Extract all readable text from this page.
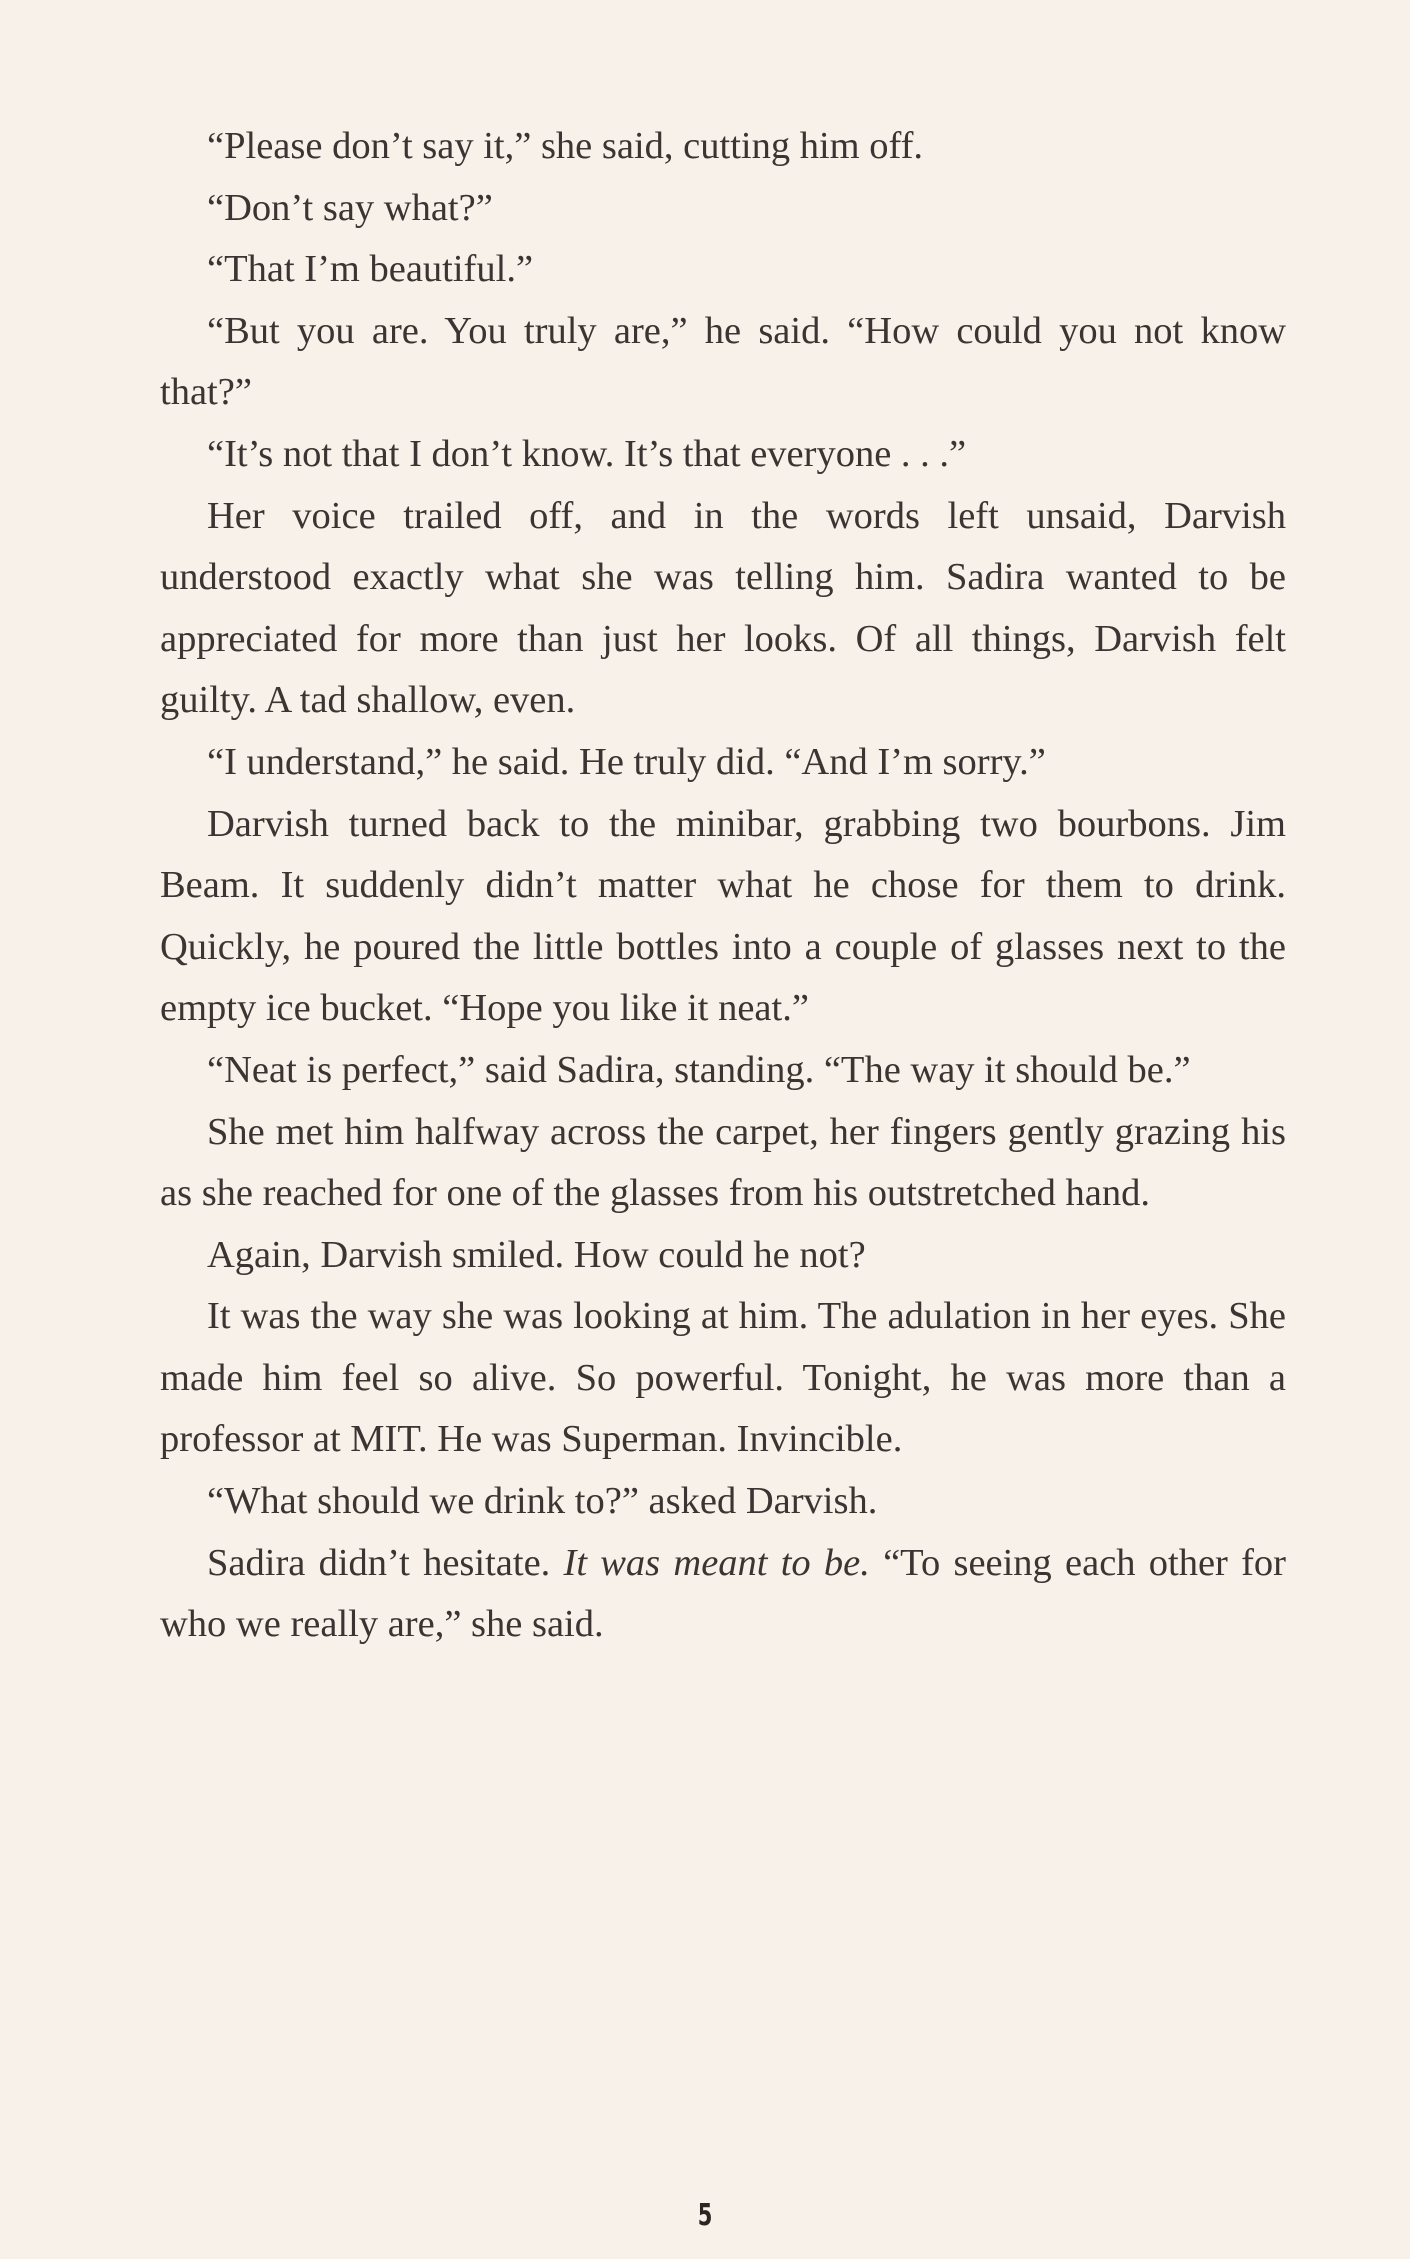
“Please don’t say it,” she said, cutting him off.

“Don’t say what?”

“That I’m beautiful.”

“But you are. You truly are,” he said. “How could you not know that?”

“It’s not that I don’t know. It’s that everyone . . .”

Her voice trailed off, and in the words left unsaid, Darvish understood exactly what she was telling him. Sadira wanted to be appreciated for more than just her looks. Of all things, Darvish felt guilty. A tad shallow, even.

“I understand,” he said. He truly did. “And I’m sorry.”

Darvish turned back to the minibar, grabbing two bourbons. Jim Beam. It suddenly didn’t matter what he chose for them to drink. Quickly, he poured the little bottles into a couple of glasses next to the empty ice bucket. “Hope you like it neat.”

“Neat is perfect,” said Sadira, standing. “The way it should be.”

She met him halfway across the carpet, her fingers gently grazing his as she reached for one of the glasses from his outstretched hand.

Again, Darvish smiled. How could he not?

It was the way she was looking at him. The adulation in her eyes. She made him feel so alive. So powerful. Tonight, he was more than a professor at MIT. He was Superman. Invincible.

“What should we drink to?” asked Darvish.

Sadira didn’t hesitate. It was meant to be. “To seeing each other for who we really are,” she said.

5
